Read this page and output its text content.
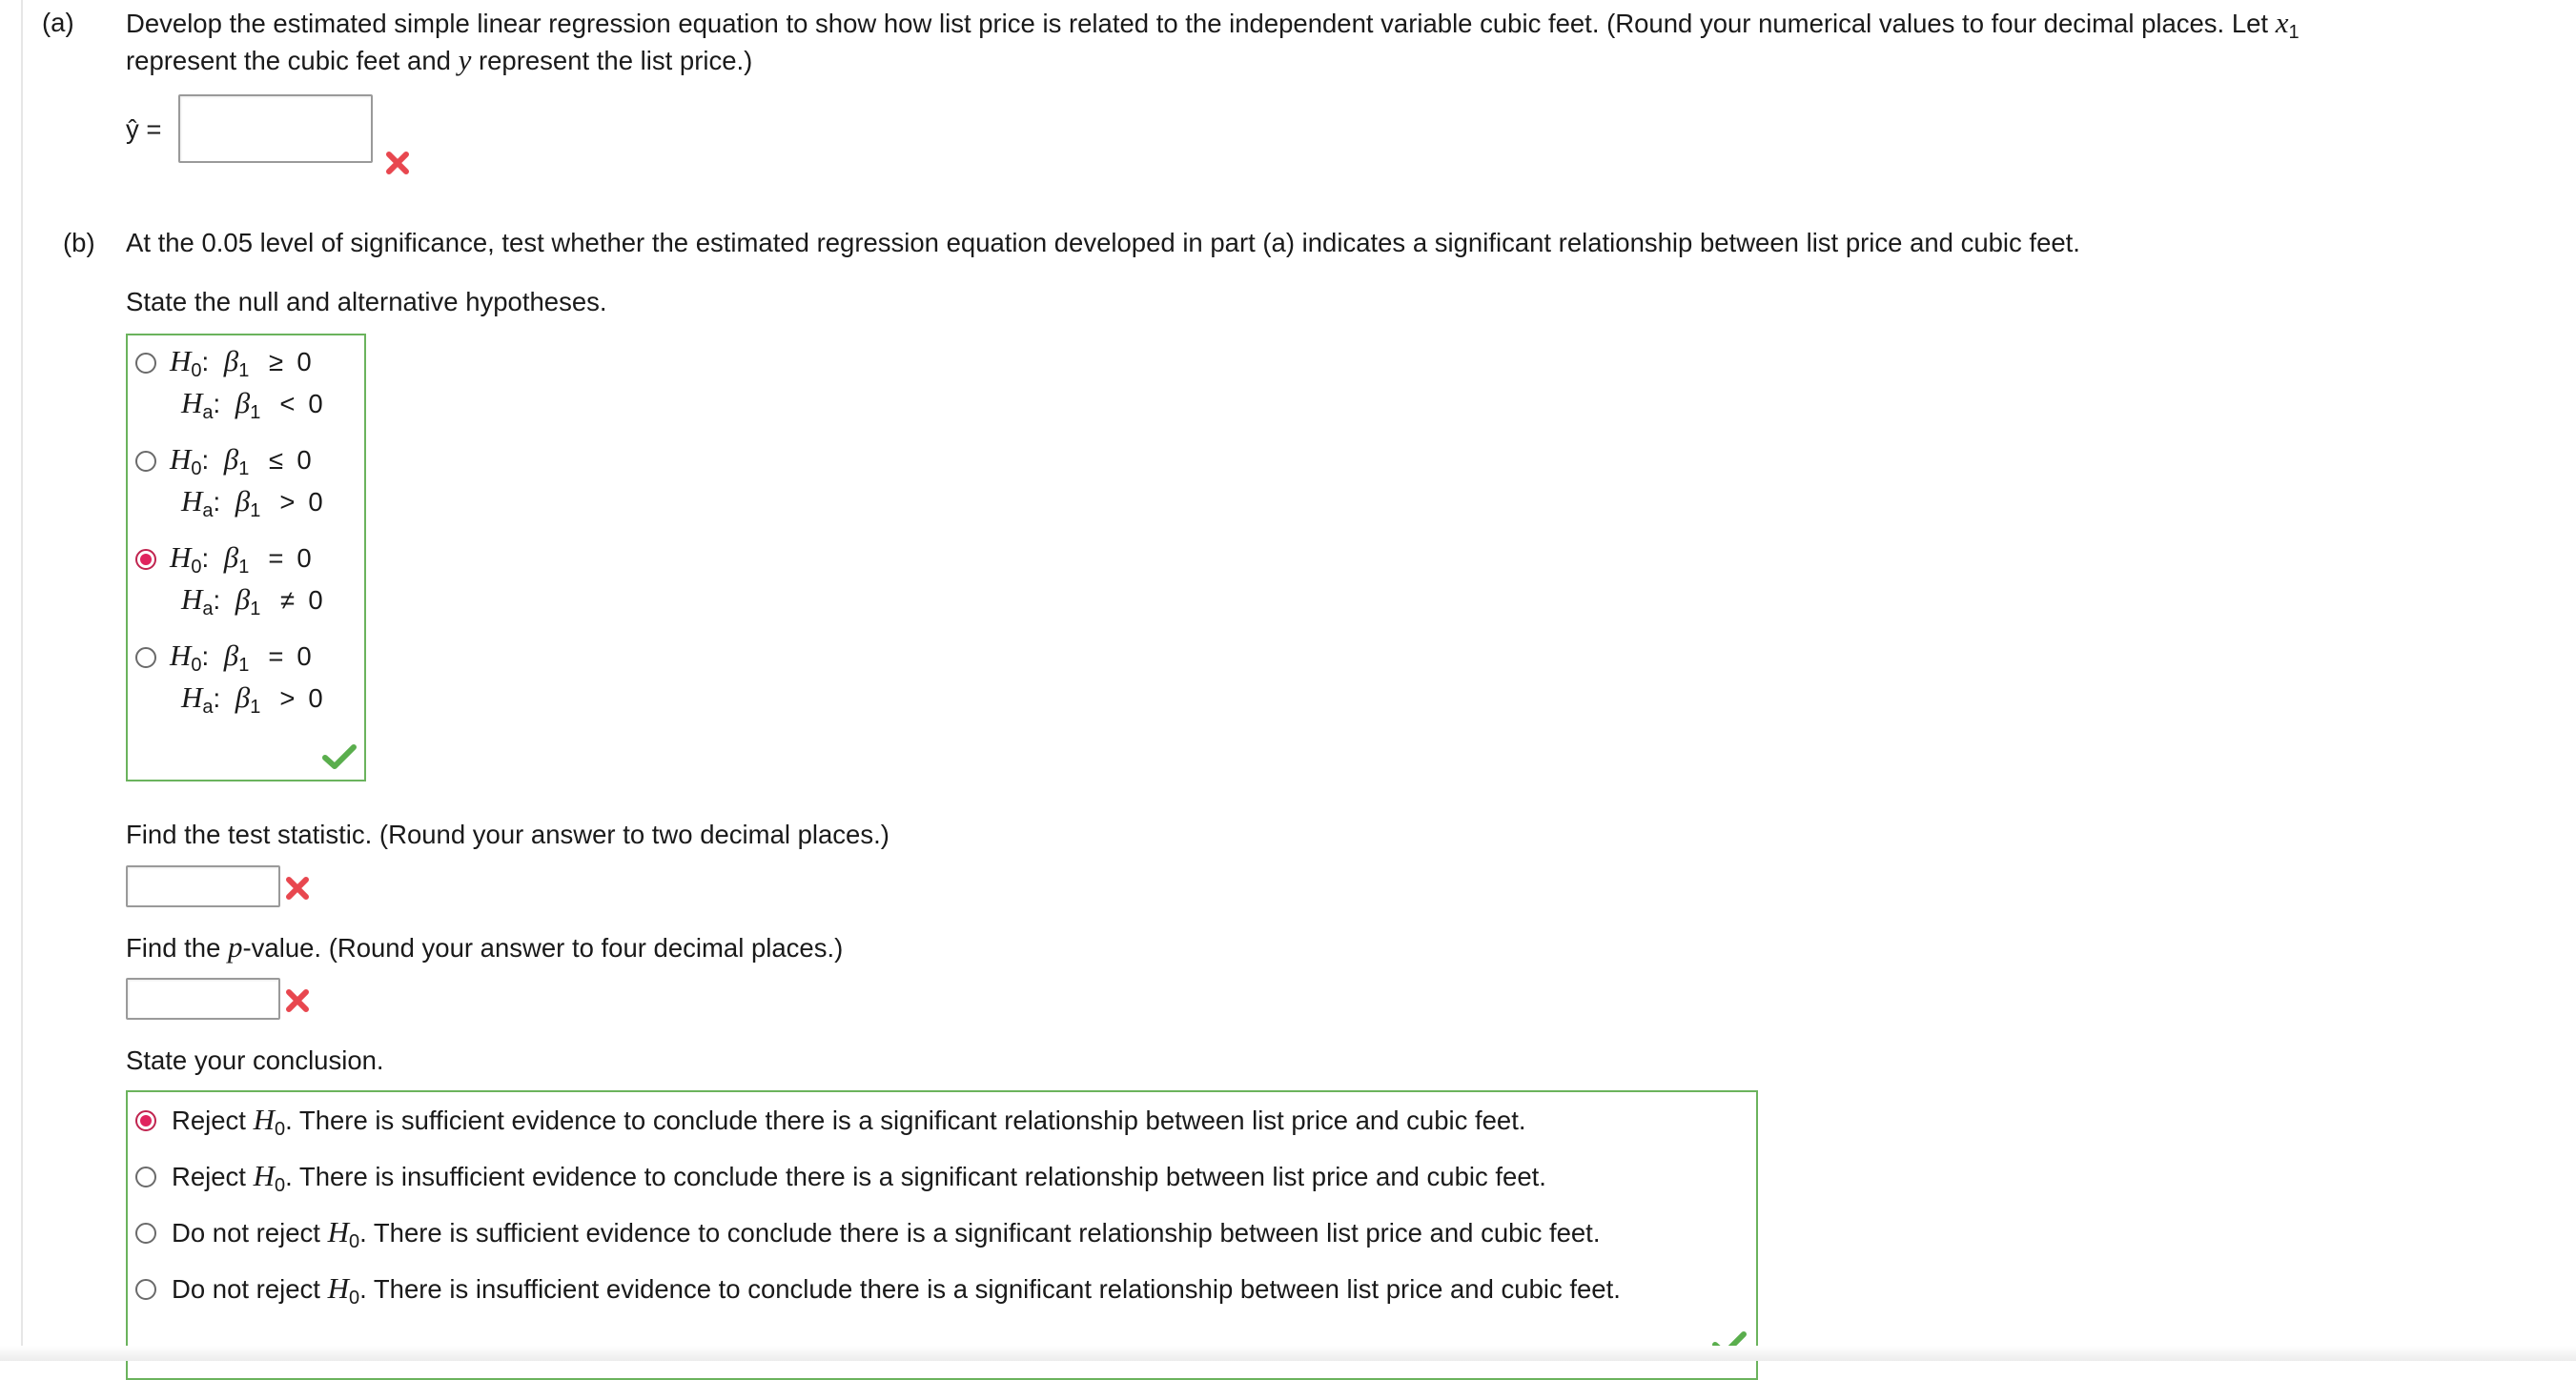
(a) Develop the estimated simple linear regression equation to show how list price is related to the independent variable cubic feet. (Round your numerical values to four decimal places. Let $x_1$
represent the cubic feet and y represent the list price.)
ŷ =
(b) At the 0.05 level of significance, test whether the estimated regression equation developed in part (a) indicates a significant relationship between list price and cubic feet.
State the null and alternative hypotheses.
$H_0$: $\beta_1 \ge 0$
$H_a$: $\beta_1 < 0$
$H_0$: $\beta_1 \le 0$
$H_a$: $\beta_1 > 0$
$H_0$: $\beta_1 = 0$
$H_a$: $\beta_1 \ne 0$
$H_0$: $\beta_1 = 0$
$H_a$: $\beta_1 > 0$
Find the test statistic. (Round your answer to two decimal places.)
Find the p-value. (Round your answer to four decimal places.)
State your conclusion.
Reject $H_0$. There is sufficient evidence to conclude there is a significant relationship between list price and cubic feet.
Reject $H_0$. There is insufficient evidence to conclude there is a significant relationship between list price and cubic feet.
Do not reject $H_0$. There is sufficient evidence to conclude there is a significant relationship between list price and cubic feet.
Do not reject $H_0$. There is insufficient evidence to conclude there is a significant relationship between list price and cubic feet.
